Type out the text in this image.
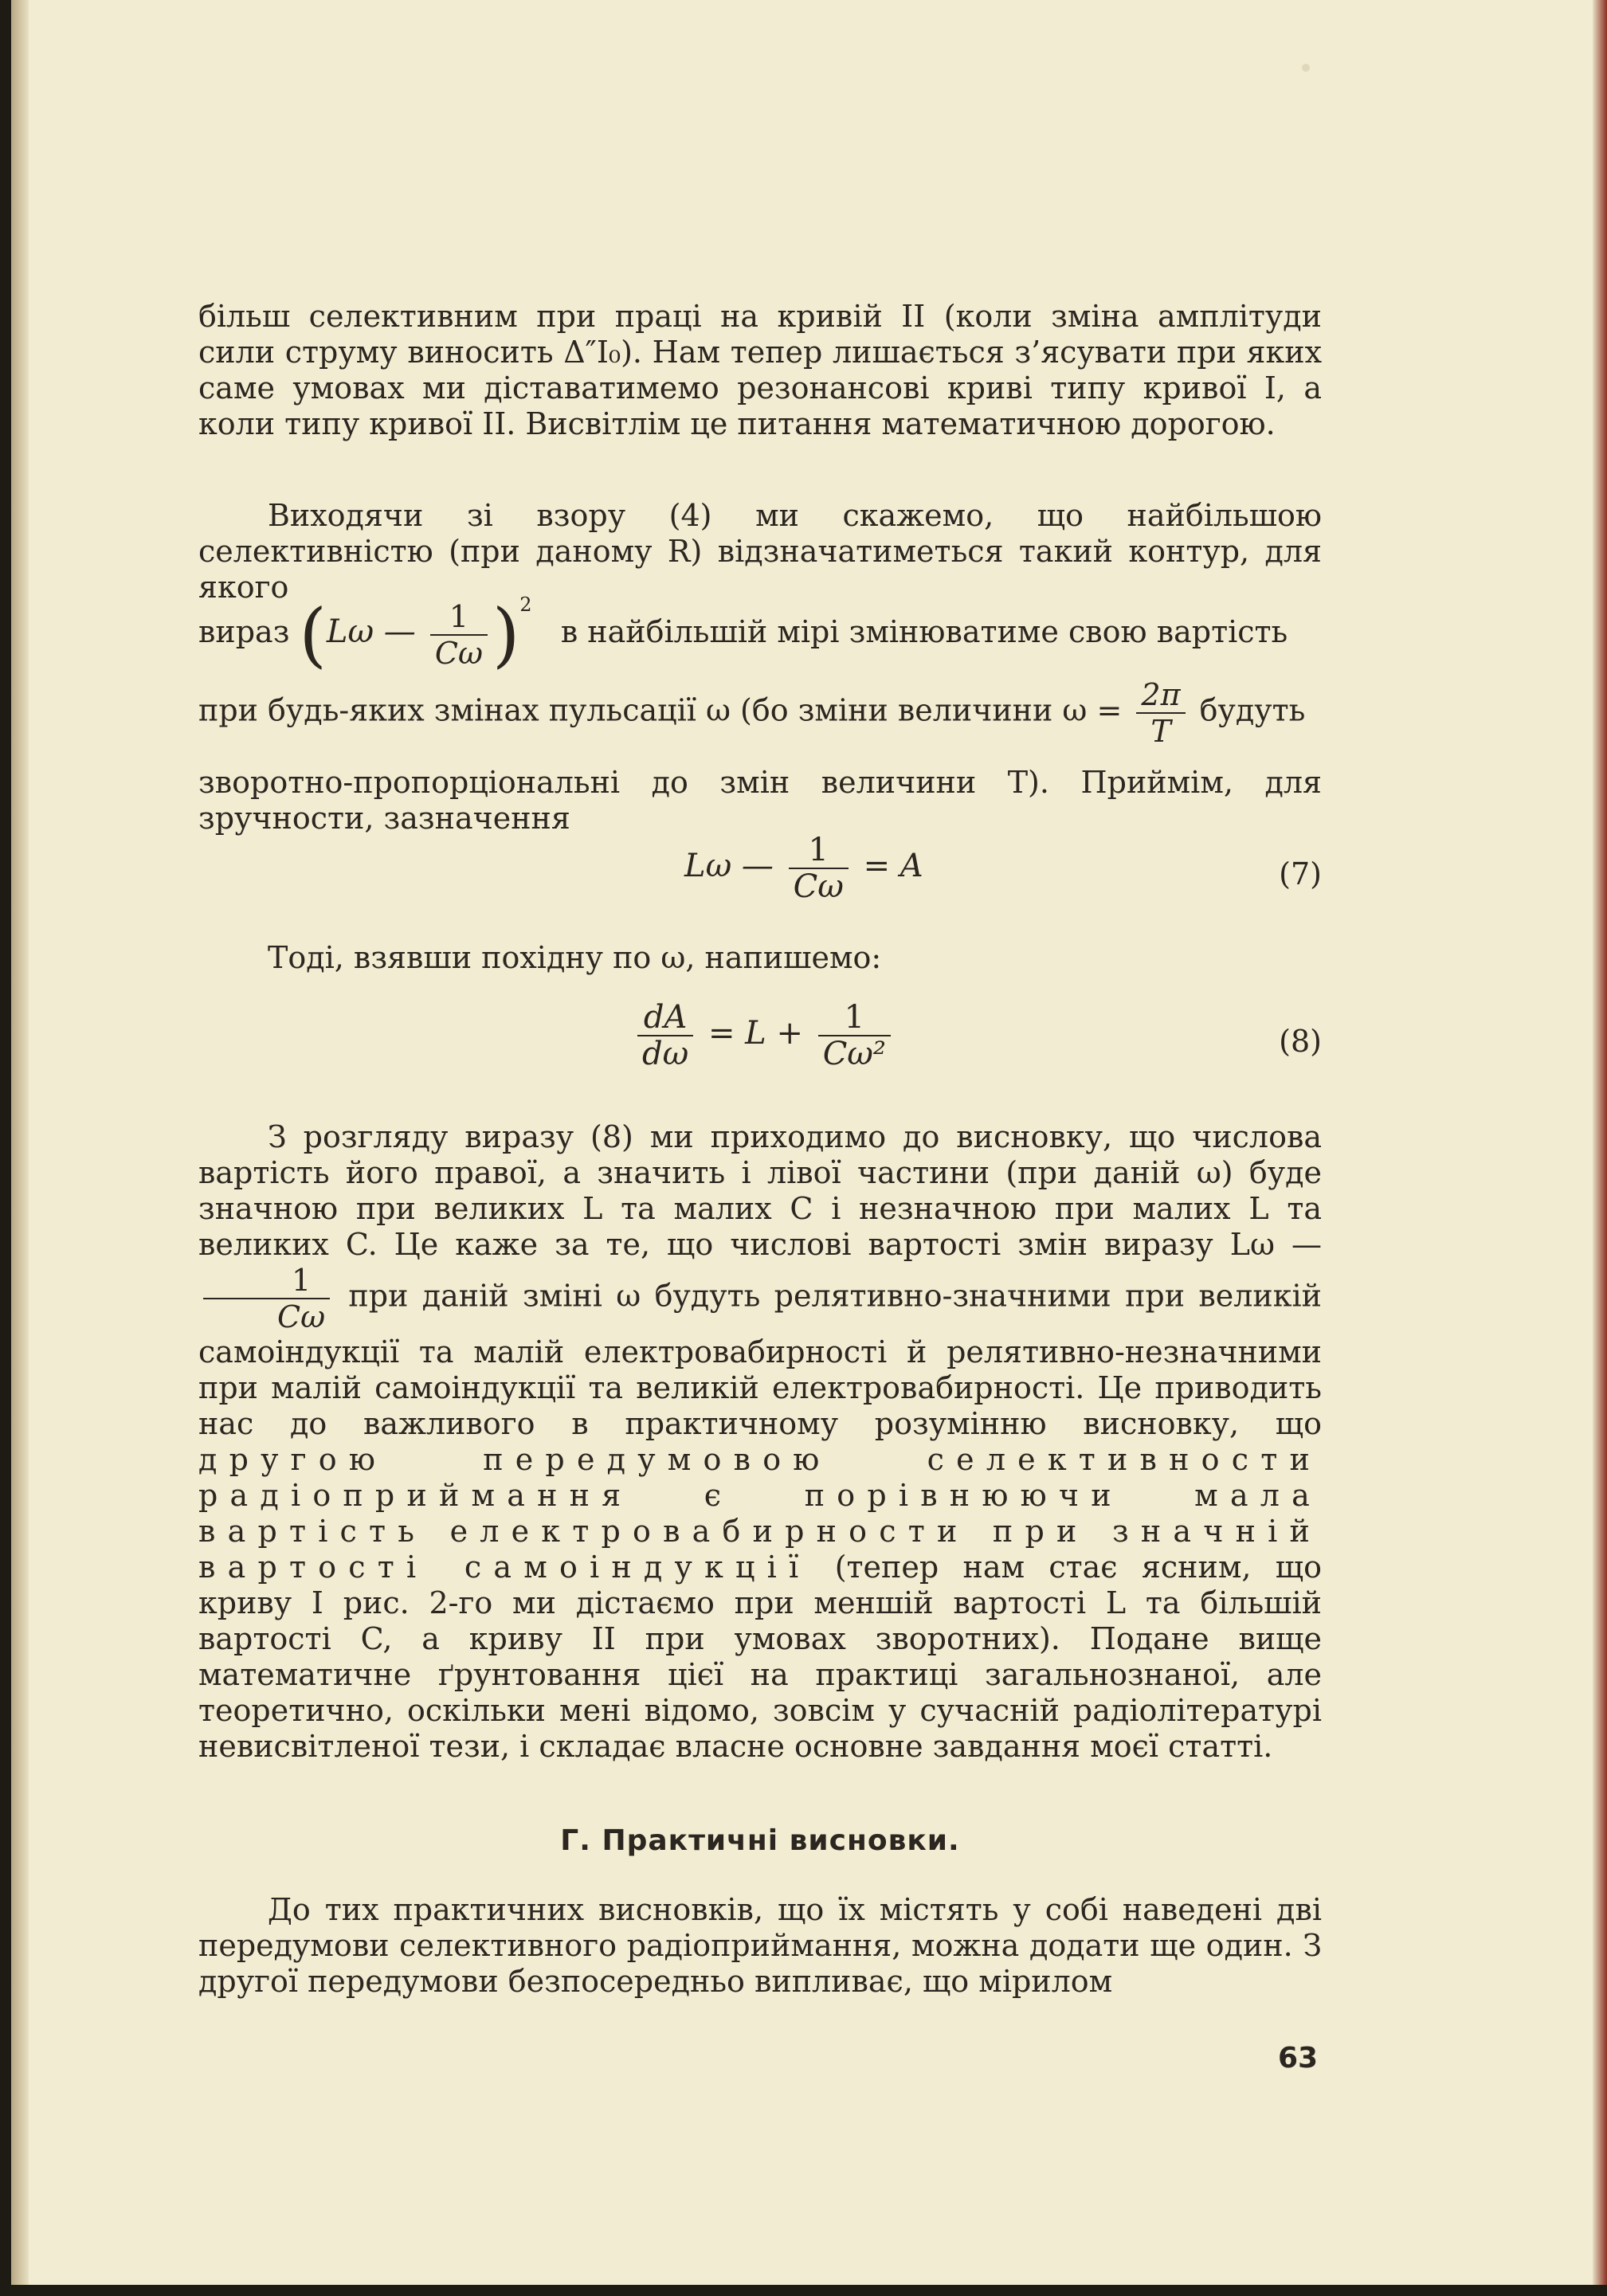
більш селективним при праці на кривій II (коли зміна амплітуди сили струму виносить Δ″I₀). Нам тепер лишається з’ясувати при яких саме умовах ми діставатимемо резонансові криві типу кривої I, а коли типу кривої II. Висвітлім це питання математичною дорогою.

Виходячи зі взору (4) ми скажемо, що найбільшою селективністю (при даному R) відзначатиметься такий контур, для якого

вираз (Lω — $\frac{1}{C\omega} )^2$   в найбільшій мірі змінюватиме свою вартість
при будь-яких змінах пульсації ω (бо зміни величини $\omega = \frac{2\pi}{T}$ будуть

зворотно-пропорціональні до змін величини T). Приймім, для зручности, зазначення

Lω — $\frac{1}{C\omega} = A$	(7)

Тоді, взявши похідну по ω, напишемо:

$\frac{dA}{d\omega} = L + \frac{1}{\text{Cω²}}$	(8)

З розгляду виразу (8) ми приходимо до висновку, що числова вартість його правої, а значить і лівої частини (при даній ω) буде значною при великих L та малих C і незначною при малих L та великих C. Це каже за те, що числові вартості змін виразу Lω —
$\frac{1}{C\omega}$ при даній зміні ω будуть релятивно-значними при великій самоіндукції та малій електровабирності й релятивно-незначними при малій самоіндукції та великій електровабирності. Це приводить нас до важливого в практичному розумінню висновку, що другою передумовою селективности радіоприймання є порівнюючи мала вартість електровабирности при значній вартості самоіндукції (тепер нам стає ясним, що криву I рис. 2-го ми дістаємо при меншій вартості L та більшій вартості C, а криву II при умовах зворотних). Подане вище математичне ґрунтовання цієї на практиці загальнознаної, але теоретично, оскільки мені відомо, зовсім у сучасній радіолітературі невисвітленої тези, і складає власне основне завдання моєї статті.

Г. Практичні висновки.

До тих практичних висновків, що їх містять у собі наведені дві передумови селективного радіоприймання, можна додати ще один. З другої передумови безпосередньо випливає, що мірилом

63
